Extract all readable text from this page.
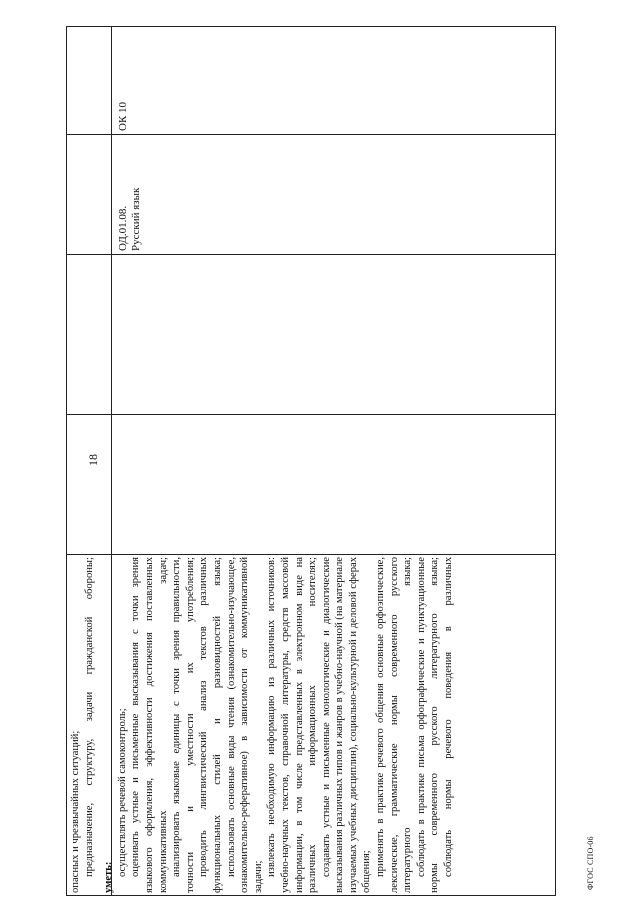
опасных и чрезвычайных ситуаций; предназначение, структуру, задачи гражданской обороны;

уметь:

осуществлять речевой самоконтроль; оценивать устные и письменные высказывания с точки зрения языкового оформления, эффективности достижения поставленных коммуникативных задач; анализировать языковые единицы с точки зрения правильности, точности и уместности их употребления; проводить лингвистический анализ текстов различных функциональных стилей и разновидностей языка; использовать основные виды чтения (ознакомительно-изучающее, ознакомительно-реферативное) в зависимости от коммуникативной задачи; извлекать необходимую информацию из различных источников: учебно-научных текстов, справочной литературы, средств массовой информации, в том числе представленных в электронном виде на различных информационных носителях; создавать устные и письменные монологические и диалогические высказывания различных типов и жанров в учебно-научной (на материале изучаемых учебных дисциплин), социально-культурной и деловой сферах общения; применять в практике речевого общения основные орфоэпические, лексические, грамматические нормы современного русского литературного языка; соблюдать в практике письма орфографические и пунктуационные нормы современного русского литературного языка; соблюдать нормы речевого поведения в различных

ОД.01.08. Русский язык
ОК 10
18
ФГОС СПО-06
